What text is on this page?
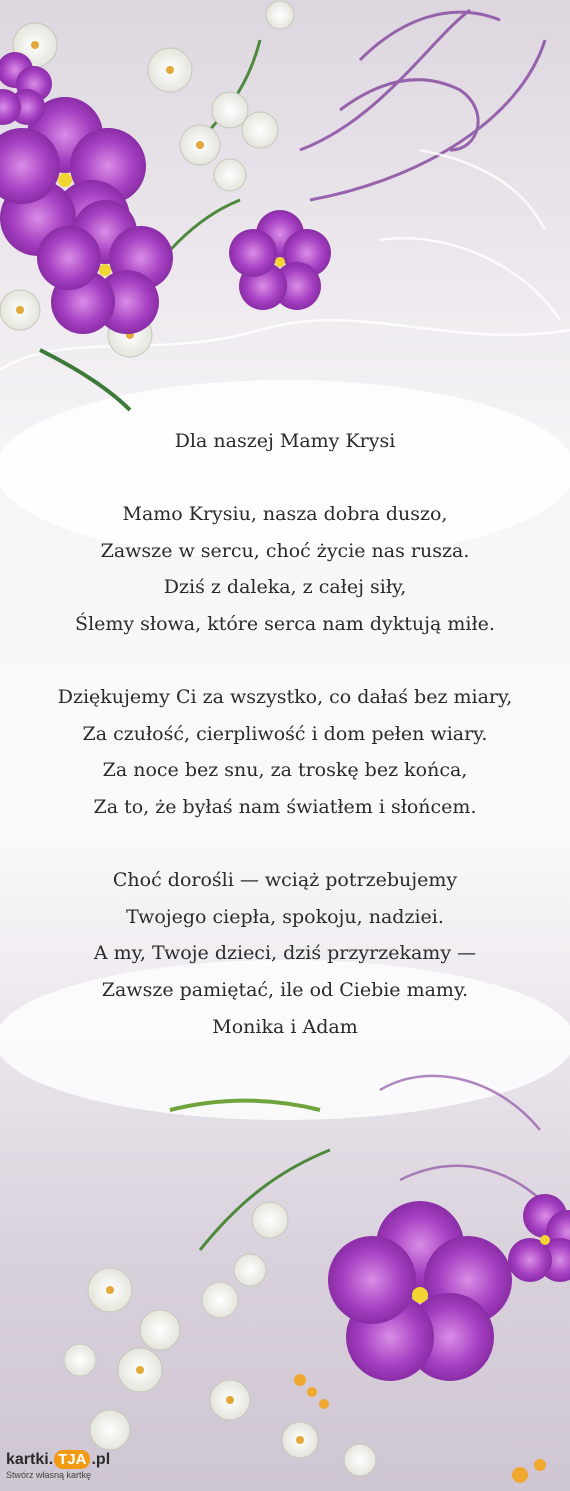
Dla naszej Mamy Krysi
Mamo Krysiu, nasza dobra duszo,
Zawsze w sercu, choć życie nas rusza.
Dziś z daleka, z całej siły,
Ślemy słowa, które serca nam dyktują miłe.
Dziękujemy Ci za wszystko, co dałaś bez miary,
Za czułość, cierpliwość i dom pełen wiary.
Za noce bez snu, za troskę bez końca,
Za to, że byłaś nam światłem i słońcem.
Choć dorośli — wciąż potrzebujemy
Twojego ciepła, spokoju, nadziei.
A my, Twoje dzieci, dziś przyrzekamy —
Zawsze pamiętać, ile od Ciebie mamy.
Monika i Adam
kartki. TJA .pl
Stwórz własną kartkę
